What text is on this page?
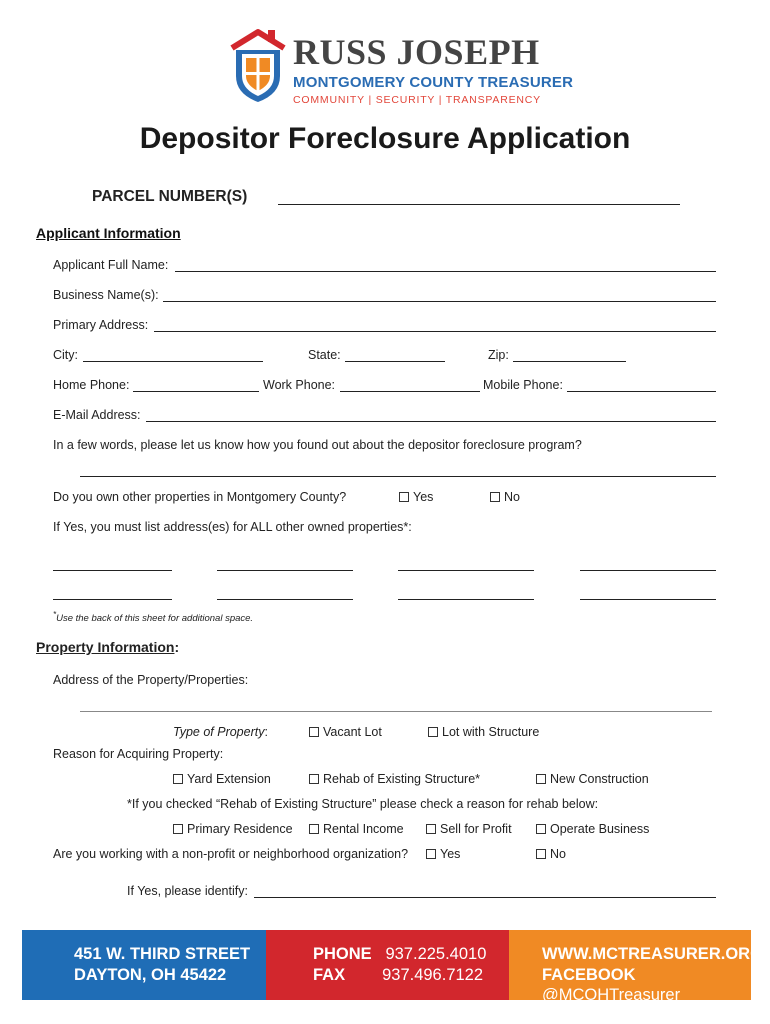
RUSS JOSEPH
MONTGOMERY COUNTY TREASURER
COMMUNITY | SECURITY | TRANSPARENCY
Depositor Foreclosure Application
PARCEL NUMBER(S)
Applicant Information
Applicant Full Name:
Business Name(s):
Primary Address:
City:	State:	Zip:
Home Phone:	Work Phone:	Mobile Phone:
E-Mail Address:
In a few words, please let us know how you found out about the depositor foreclosure program?
Do you own other properties in Montgomery County?	Yes	No
If Yes, you must list address(es) for ALL other owned properties*:
*Use the back of this sheet for additional space.
Property Information:
Address of the Property/Properties:
Type of Property:	Vacant Lot	Lot with Structure
Reason for Acquiring Property:
Yard Extension	Rehab of Existing Structure*	New Construction
*If you checked “Rehab of Existing Structure” please check a reason for rehab below:
Primary Residence	Rental Income	Sell for Profit	Operate Business
Are you working with a non-profit or neighborhood organization?	Yes	No
If Yes, please identify:
451 W. THIRD STREET
DAYTON, OH 45422
PHONE 937.225.4010
FAX 937.496.7122
WWW.MCTREASURER.ORG
FACEBOOK @MCOHTreasurer
